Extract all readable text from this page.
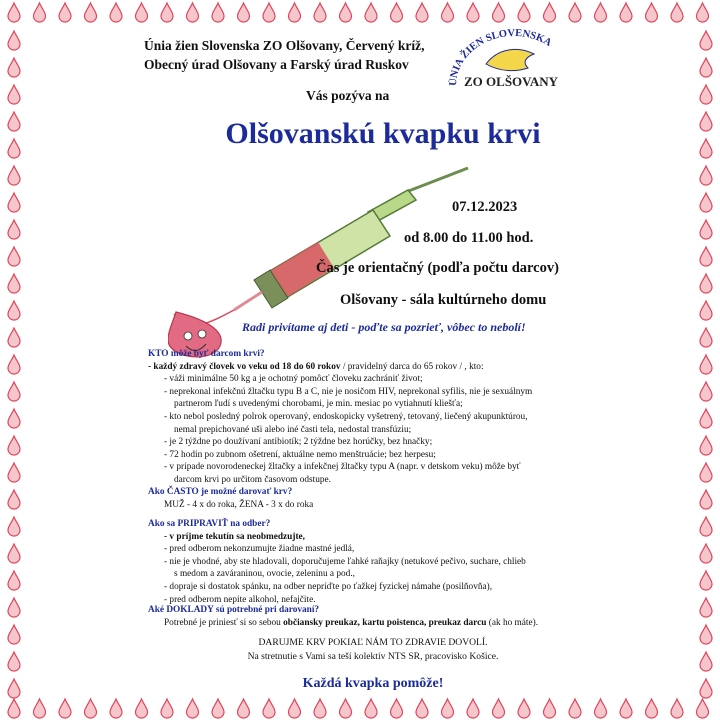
Únia žien Slovenska ZO Olšovany, Červený kríž,
Obecný úrad Olšovany a Farský úrad Ruskov
Vás pozýva na
ÚNIA ŽIEN SLOVENSKA
ZO OLŠOVANY
Olšovanskú kvapku krvi
07.12.2023
od 8.00 do 11.00 hod.
Čas je orientačný (podľa počtu darcov)
Olšovany - sála kultúrneho domu
Radi privítame aj deti - poďte sa pozrieť, vôbec to nebolí!
KTO môže byť darcom krvi?
- každý zdravý človek vo veku od 18 do 60 rokov / pravidelný darca do 65 rokov / , kto:
- váži minimálne 50 kg a je ochotný pomôcť človeku zachrániť život;
- neprekonal infekčnú žltačku typu B a C, nie je nosičom HIV, neprekonal syfilis, nie je sexuálnym
partnerom ľudí s uvedenými chorobami, je min. mesiac po vytiahnutí kliešťa;
- kto nebol posledný polrok operovaný, endoskopicky vyšetrený, tetovaný, liečený akupunktúrou,
nemal prepichované uši alebo iné časti tela, nedostal transfúziu;
- je 2 týždne po doužívaní antibiotík; 2 týždne bez horúčky, bez hnačky;
- 72 hodín po zubnom ošetrení, aktuálne nemo menštruácie; bez herpesu;
- v prípade novorodeneckej žltačky a infekčnej žltačky typu A (napr. v detskom veku) môže byť
darcom krvi po určitom časovom odstupe.
Ako ČASTO je možné darovať krv?
MUŽ - 4 x do roka, ŽENA - 3 x do roka
Ako sa PRIPRAVIŤ na odber?
- v príjme tekutín sa neobmedzujte,
- pred odberom nekonzumujte žiadne mastné jedlá,
- nie je vhodné, aby ste hladovali, doporučujeme ľahké raňajky (netukové pečivo, suchare, chlieb
s medom a zaváraninou, ovocie, zeleninu a pod.,
- dopraje si dostatok spánku, na odber nepríďte po ťažkej fyzickej námahe (posilňovňa),
- pred odberom nepite alkohol, nefajčite.
Aké DOKLADY sú potrebné pri darovaní?
Potrebné je priniesť si so sebou občiansky preukaz, kartu poistenca, preukaz darcu (ak ho máte).
DARUJME KRV POKIAĽ NÁM TO ZDRAVIE DOVOLÍ.
Na stretnutie s Vami sa teší kolektív NTS SR, pracovisko Košice.
Každá kvapka pomôže!
